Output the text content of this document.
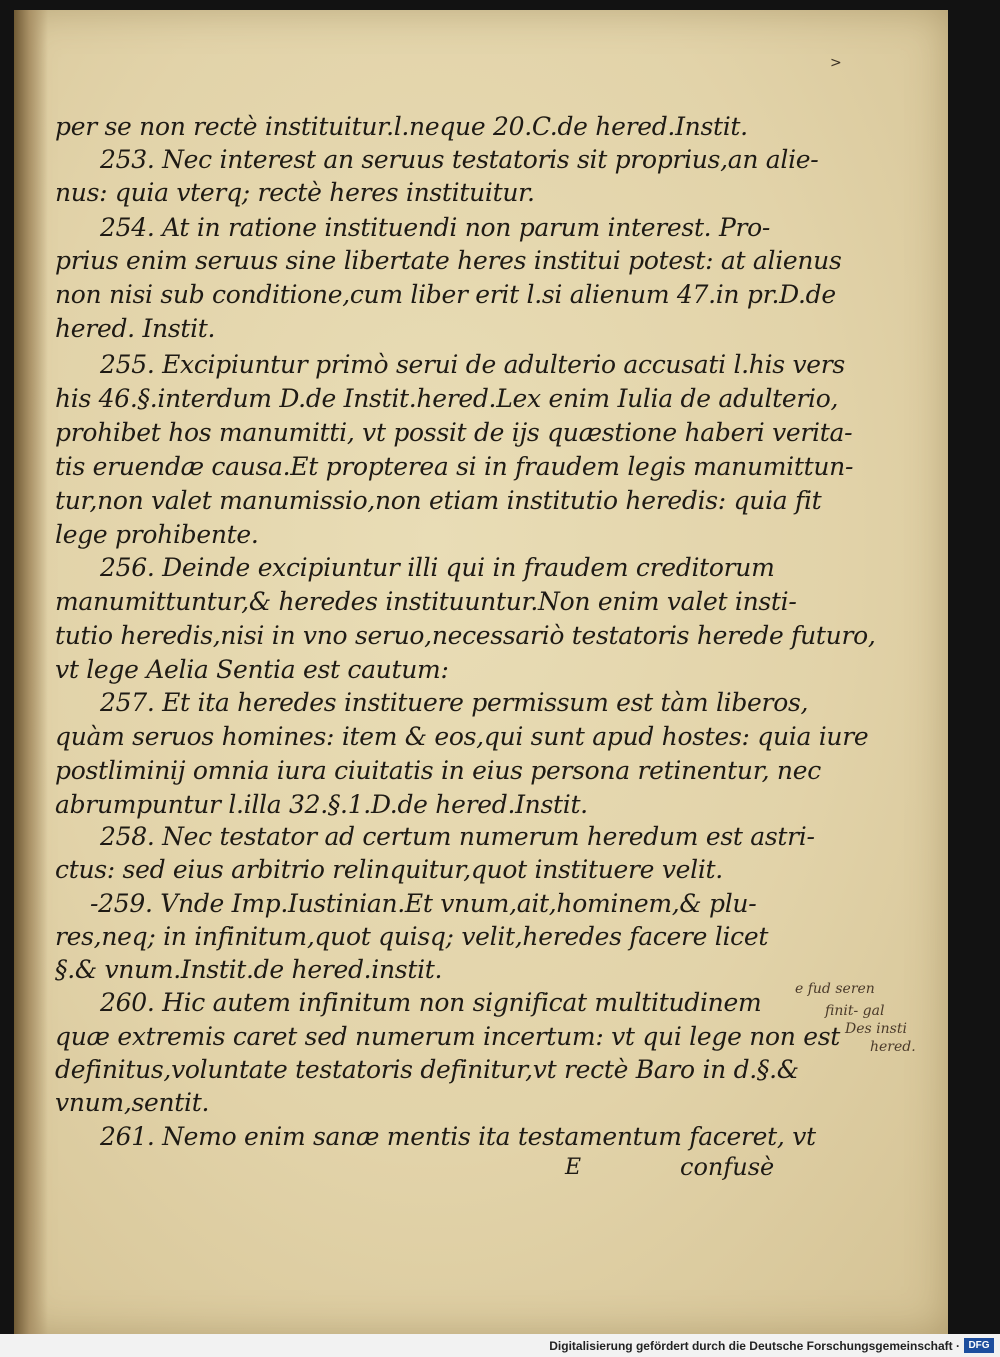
>

per se non rectè instituitur.l.neque 20.C.de hered.Instit.

253. Nec interest an seruus testatoris sit proprius,an alie-

nus: quia vterq; rectè heres instituitur.

254. At in ratione instituendi non parum interest. Pro-

prius enim seruus sine libertate heres institui potest: at alienus

non nisi sub conditione,cum liber erit l.si alienum 47.in pr.D.de

hered. Instit.

255. Excipiuntur primò serui de adulterio accusati l.his vers

his 46.§.interdum D.de Instit.hered.Lex enim Iulia de adulterio,

prohibet hos manumitti, vt possit de ijs quæstione haberi verita-

tis eruendæ causa.Et propterea si in fraudem legis manumittun-

tur,non valet manumissio,non etiam institutio heredis: quia fit

lege prohibente.

256. Deinde excipiuntur illi qui in fraudem creditorum

manumittuntur,& heredes instituuntur.Non enim valet insti-

tutio heredis,nisi in vno seruo,necessariò testatoris herede futuro,

vt lege Aelia Sentia est cautum:

257. Et ita heredes instituere permissum est tàm liberos,

quàm seruos homines: item & eos,qui sunt apud hostes: quia iure

postliminij omnia iura ciuitatis in eius persona retinentur, nec

abrumpuntur l.illa 32.§.1.D.de hered.Instit.

258. Nec testator ad certum numerum heredum est astri-

ctus: sed eius arbitrio relinquitur,quot instituere velit.

-259. Vnde Imp.Iustinian.Et vnum,ait,hominem,& plu-

res,neq; in infinitum,quot quisq; velit,heredes facere licet

§.& vnum.Instit.de hered.instit.

260. Hic autem infinitum non significat multitudinem

quæ extremis caret sed numerum incertum: vt qui lege non est

definitus,voluntate testatoris definitur,vt rectè Baro in d.§.&

vnum,sentit.

261. Nemo enim sanæ mentis ita testamentum faceret, vt

E	confusè

e fud seren

finit- gal

Des insti

hered.

Digitalisierung gefördert durch die Deutsche Forschungsgemeinschaft · DFG
